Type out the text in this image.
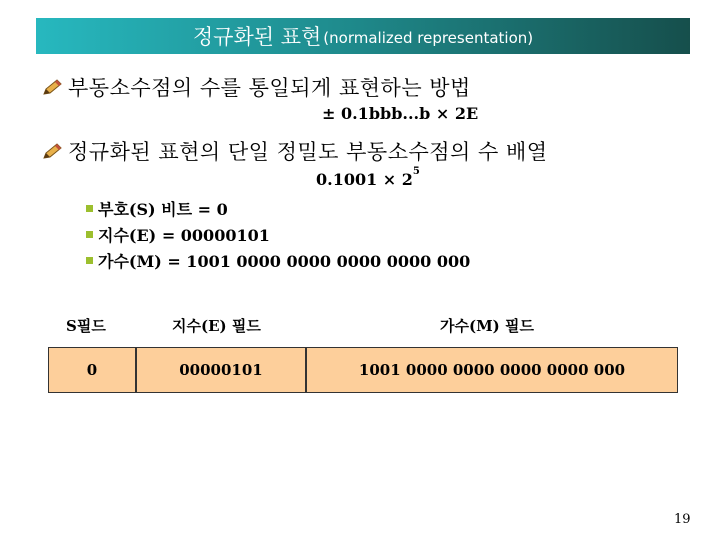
정규화된 표현 (normalized representation)
부동소수점의 수를 통일되게 표현하는 방법
± 0.1bbb...b × 2E
정규화된 표현의 단일 정밀도 부동소수점의 수 배열
$0.1001 \times 2^5$
부호(S) 비트 = 0
지수(E) = 00000101
가수(M) = 1001 0000 0000 0000 0000 000
S필드	지수(E) 필드	가수(M) 필드
0	00000101	1001 0000 0000 0000 0000 000
19
